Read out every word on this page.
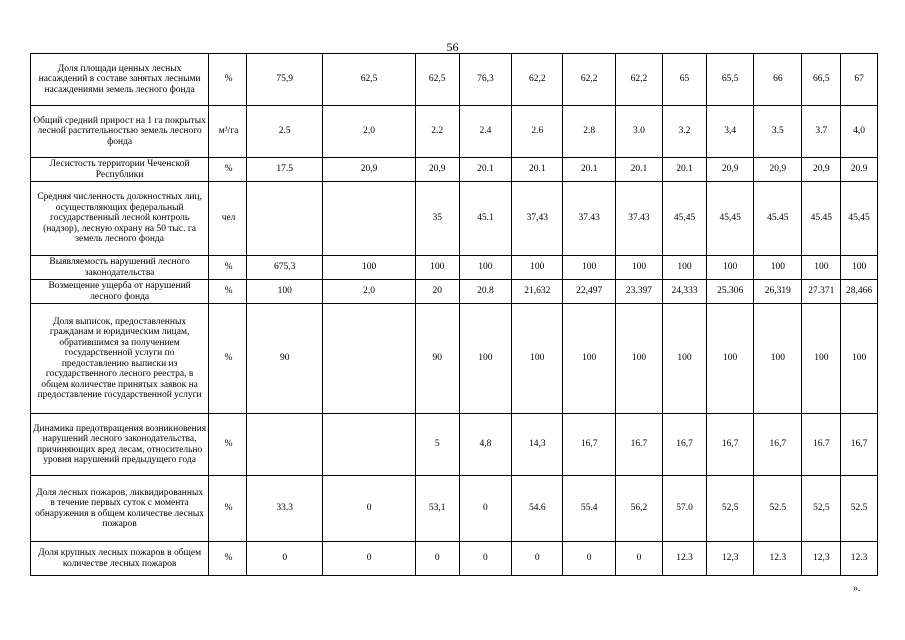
56
Доля площади ценных лесных насаждений в составе занятых лесными насаждениями земель лесного фонда	%	75,9	62,5	62,5	76,3	62,2	62,2	62,2	65	65,5	66	66,5	67
Общий средний прирост на 1 га покрытых лесной растительностью земель лесного фонда	м³/га	2.5	2,0	2.2	2.4	2.6	2.8	3.0	3.2	3,4	3.5	3.7	4,0
Лесистость территории Чеченской Республики	%	17.5	20,9	20,9	20.1	20.1	20.1	20.1	20.1	20,9	20,9	20,9	20.9
Средняя численность должностных лиц, осуществляющих федеральный государственный лесной контроль (надзор), лесную охрану на 50 тыс. га земель лесного фонда	чел			35	45.1	37,43	37.43	37.43	45,45	45,45	45.45	45.45	45,45
Выявляемость нарушений лесного законодательства	%	675,3	100	100	100	100	100	100	100	100	100	100	100
Возмещение ущерба от нарушений лесного фонда	%	100	2,0	20	20.8	21,632	22,497	23.397	24,333	25.306	26,319	27.371	28,466
Доля выписок, предоставленных гражданам и юридическим лицам, обратившимся за получением государственной услуги по предоставлению выписки из государственного лесного реестра, в общем количестве принятых заявок на предоставление государственной услуги	%	90		90	100	100	100	100	100	100	100	100	100
Динамика предотвращения возникновения нарушений лесного законодательства, причиняющих вред лесам, относительно уровня нарушений предыдущего года	%			5	4,8	14,3	16,7	16.7	16,7	16,7	16,7	16.7	16,7
Доля лесных пожаров, ликвидированных в течение первых суток с момента обнаружения в общем количестве лесных пожаров	%	33.3	0	53,1	0	54.6	55.4	56,2	57.0	52,5	52.5	52,5	52.5
Доля крупных лесных пожаров в общем количестве лесных пожаров	%	0	0	0	0	0	0	0	12.3	12,3	12.3	12,3	12.3
».
